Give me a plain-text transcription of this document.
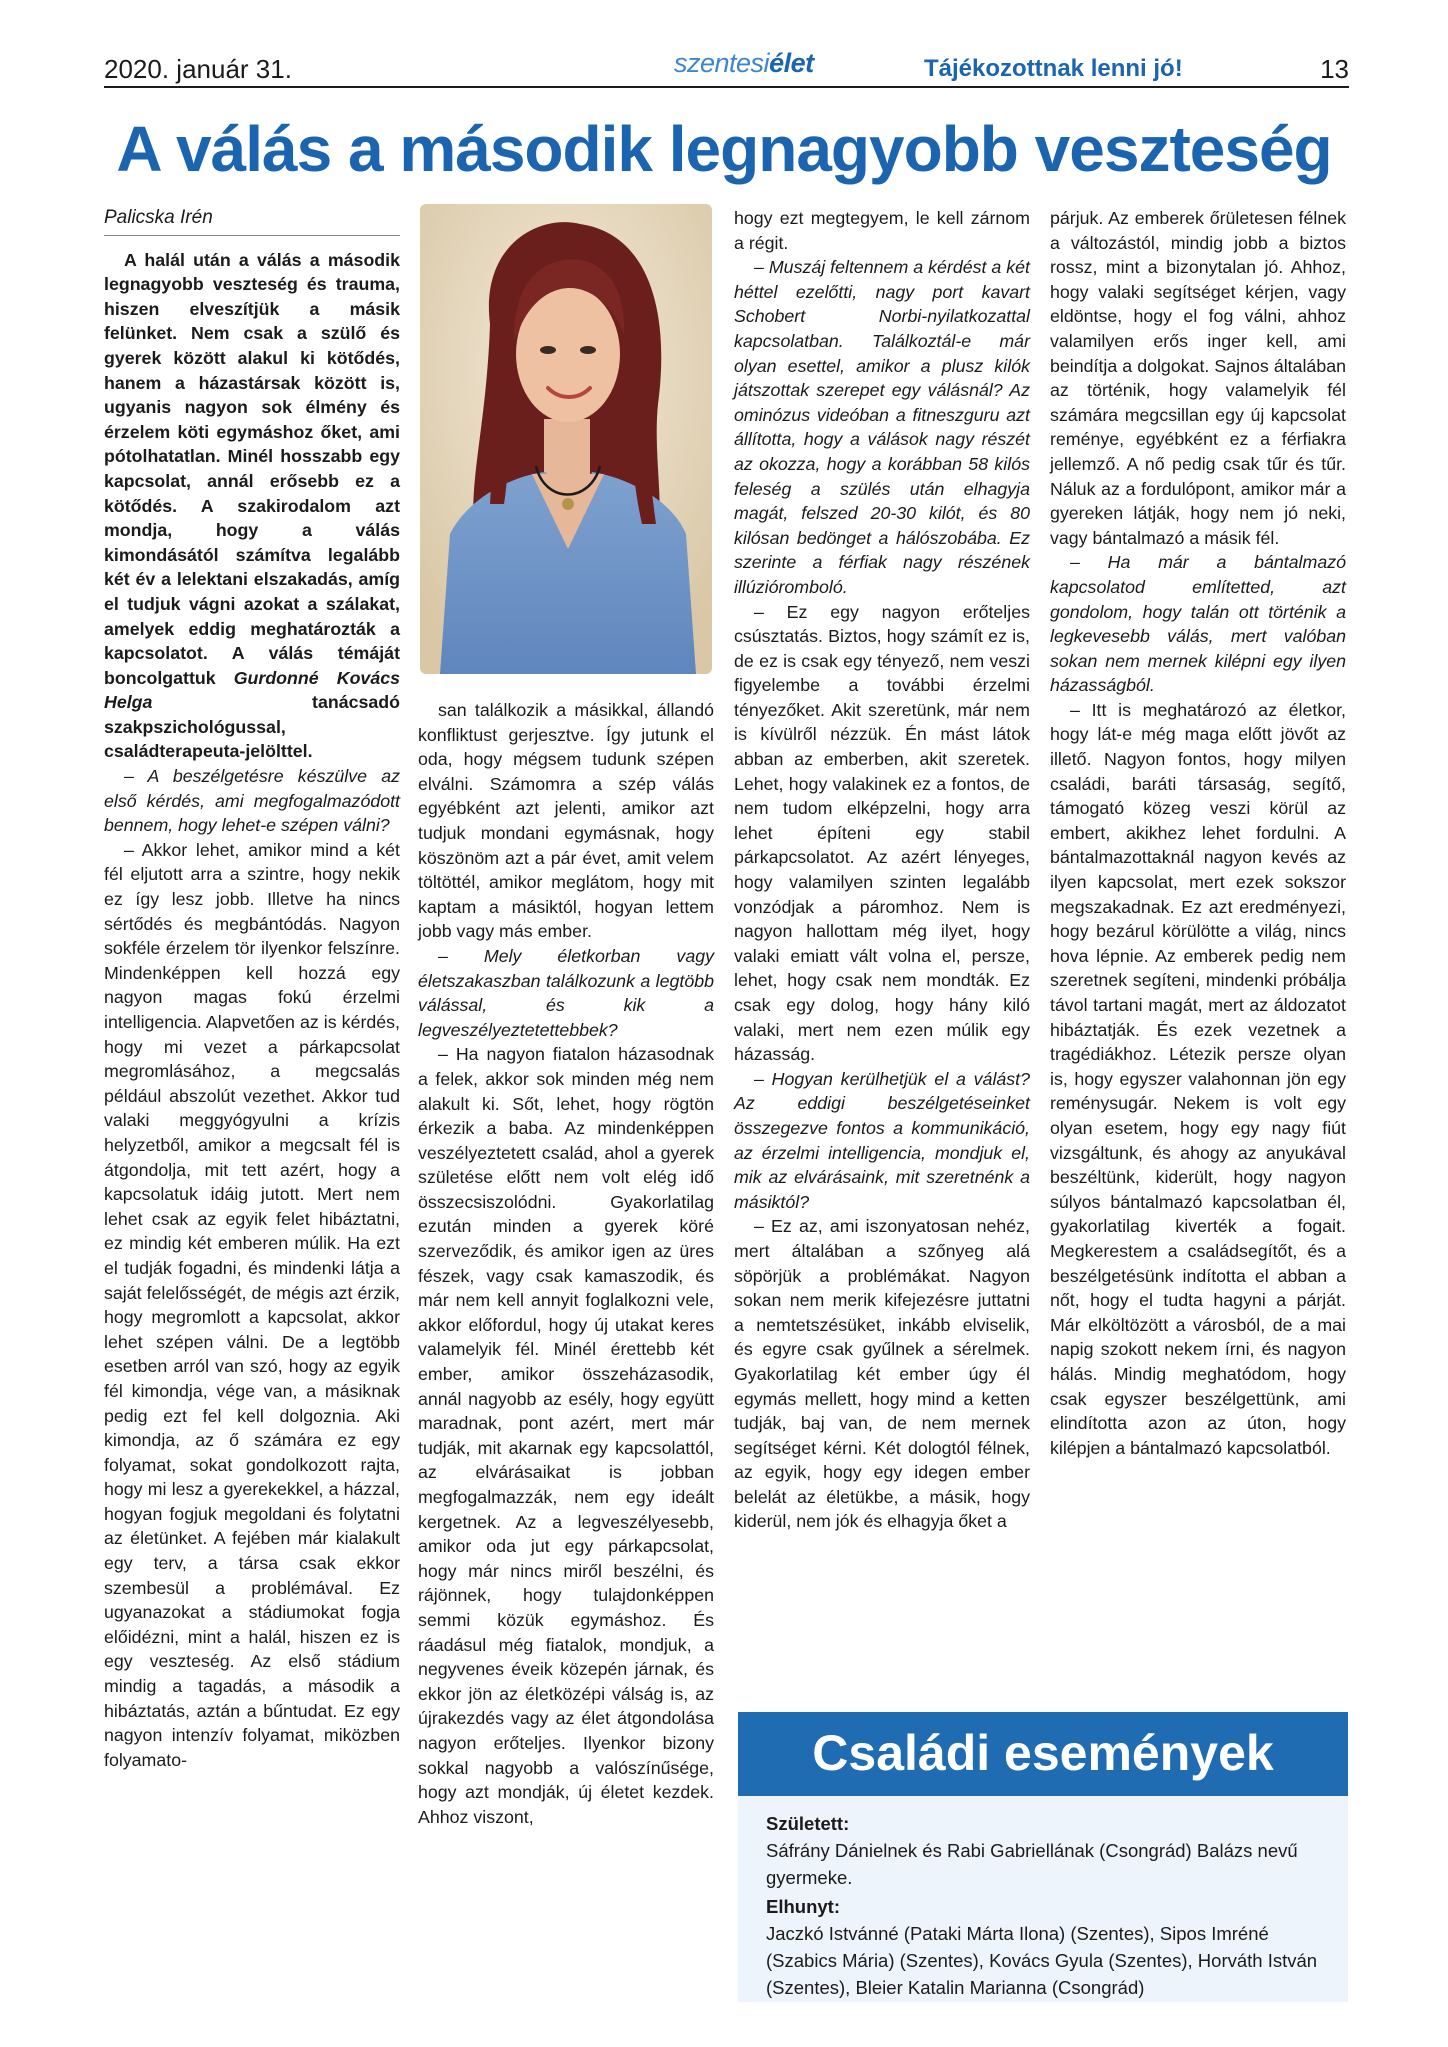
2020. január 31.	szentesiélet	Tájékozottnak lenni jó!	13
A válás a második legnagyobb veszteség
Palicska Irén

A halál után a válás a második legnagyobb veszteség és trauma, hiszen elveszítjük a másik felünket. Nem csak a szülő és gyerek között alakul ki kötődés, hanem a házastársak között is, ugyanis nagyon sok élmény és érzelem köti egymáshoz őket, ami pótolhatatlan. Minél hosszabb egy kapcsolat, annál erősebb ez a kötődés. A szakirodalom azt mondja, hogy a válás kimondásától számítva legalább két év a lelektani elszakadás, amíg el tudjuk vágni azokat a szálakat, amelyek eddig meghatározták a kapcsolatot. A válás témáját boncolgattuk Gurdonné Kovács Helga tanácsadó szakpszichológussal, családterapeuta-jelölttel.

– A beszélgetésre készülve az első kérdés, ami megfogalmazódott bennem, hogy lehet-e szépen válni?

– Akkor lehet, amikor mind a két fél eljutott arra a szintre, hogy nekik ez így lesz jobb. Illetve ha nincs sértődés és megbántódás. Nagyon sokféle érzelem tör ilyenkor felszínre. Mindenképpen kell hozzá egy nagyon magas fokú érzelmi intelligencia. Alapvetően az is kérdés, hogy mi vezet a párkapcsolat megromlásához, a megcsalás például abszolút vezethet. Akkor tud valaki meggyógyulni a krízis helyzetből, amikor a megcsalt fél is átgondolja, mit tett azért, hogy a kapcsolatuk idáig jutott. Mert nem lehet csak az egyik felet hibáztatni, ez mindig két emberen múlik. Ha ezt el tudják fogadni, és mindenki látja a saját felelősségét, de mégis azt érzik, hogy megromlott a kapcsolat, akkor lehet szépen válni. De a legtöbb esetben arról van szó, hogy az egyik fél kimondja, vége van, a másiknak pedig ezt fel kell dolgoznia. Aki kimondja, az ő számára ez egy folyamat, sokat gondolkozott rajta, hogy mi lesz a gyerekekkel, a házzal, hogyan fogjuk megoldani és folytatni az életünket. A fejében már kialakult egy terv, a társa csak ekkor szembesül a problémával. Ez ugyanazokat a stádiumokat fogja előidézni, mint a halál, hiszen ez is egy veszteség. Az első stádium mindig a tagadás, a második a hibáztatás, aztán a bűntudat. Ez egy nagyon intenzív folyamat, miközben folyamato-

san találkozik a másikkal, állandó konfliktust gerjesztve. Így jutunk el oda, hogy mégsem tudunk szépen elválni. Számomra a szép válás egyébként azt jelenti, amikor azt tudjuk mondani egymásnak, hogy köszönöm azt a pár évet, amit velem töltöttél, amikor meglátom, hogy mit kaptam a másiktól, hogyan lettem jobb vagy más ember.

– Mely életkorban vagy életszakaszban találkozunk a legtöbb válással, és kik a legveszélyeztetettebbek?

– Ha nagyon fiatalon házasodnak a felek, akkor sok minden még nem alakult ki. Sőt, lehet, hogy rögtön érkezik a baba. Az mindenképpen veszélyeztetett család, ahol a gyerek születése előtt nem volt elég idő összecsiszolódni. Gyakorlatilag ezután minden a gyerek köré szerveződik, és amikor igen az üres fészek, vagy csak kamaszodik, és már nem kell annyit foglalkozni vele, akkor előfordul, hogy új utakat keres valamelyik fél. Minél érettebb két ember, amikor összeházasodik, annál nagyobb az esély, hogy együtt maradnak, pont azért, mert már tudják, mit akarnak egy kapcsolattól, az elvárásaikat is jobban megfogalmazzák, nem egy ideált kergetnek. Az a legveszélyesebb, amikor oda jut egy párkapcsolat, hogy már nincs miről beszélni, és rájönnek, hogy tulajdonképpen semmi közük egymáshoz. És ráadásul még fiatalok, mondjuk, a negyvenes éveik közepén járnak, és ekkor jön az életközépi válság is, az újrakezdés vagy az élet átgondolása nagyon erőteljes. Ilyenkor bizony sokkal nagyobb a valószínűsége, hogy azt mondják, új életet kezdek. Ahhoz viszont,

hogy ezt megtegyem, le kell zárnom a régit.

– Muszáj feltennem a kérdést a két héttel ezelőtti, nagy port kavart Schobert Norbi-nyilatkozattal kapcsolatban. Találkoztál-e már olyan esettel, amikor a plusz kilók játszottak szerepet egy válásnál? Az ominózus videóban a fitneszguru azt állította, hogy a válások nagy részét az okozza, hogy a korábban 58 kilós feleség a szülés után elhagyja magát, felszed 20-30 kilót, és 80 kilósan bedönget a hálószobába. Ez szerinte a férfiak nagy részének illúzióromboló.

– Ez egy nagyon erőteljes csúsztatás. Biztos, hogy számít ez is, de ez is csak egy tényező, nem veszi figyelembe a további érzelmi tényezőket. Akit szeretünk, már nem is kívülről nézzük. Én mást látok abban az emberben, akit szeretek. Lehet, hogy valakinek ez a fontos, de nem tudom elképzelni, hogy arra lehet építeni egy stabil párkapcsolatot. Az azért lényeges, hogy valamilyen szinten legalább vonzódjak a páromhoz. Nem is nagyon hallottam még ilyet, hogy valaki emiatt vált volna el, persze, lehet, hogy csak nem mondták. Ez csak egy dolog, hogy hány kiló valaki, mert nem ezen múlik egy házasság.

– Hogyan kerülhetjük el a válást? Az eddigi beszélgetéseinket összegezve fontos a kommunikáció, az érzelmi intelligencia, mondjuk el, mik az elvárásaink, mit szeretnénk a másiktól?

– Ez az, ami iszonyatosan nehéz, mert általában a szőnyeg alá söpörjük a problémákat. Nagyon sokan nem merik kifejezésre juttatni a nemtetszésüket, inkább elviselik, és egyre csak gyűlnek a sérelmek. Gyakorlatilag két ember úgy él egymás mellett, hogy mind a ketten tudják, baj van, de nem mernek segítséget kérni. Két dologtól félnek, az egyik, hogy egy idegen ember belelát az életükbe, a másik, hogy kiderül, nem jók és elhagyja őket a

párjuk. Az emberek őrületesen félnek a változástól, mindig jobb a biztos rossz, mint a bizonytalan jó. Ahhoz, hogy valaki segítséget kérjen, vagy eldöntse, hogy el fog válni, ahhoz valamilyen erős inger kell, ami beindítja a dolgokat. Sajnos általában az történik, hogy valamelyik fél számára megcsillan egy új kapcsolat reménye, egyébként ez a férfiakra jellemző. A nő pedig csak tűr és tűr. Náluk az a fordulópont, amikor már a gyereken látják, hogy nem jó neki, vagy bántalmazó a másik fél.

– Ha már a bántalmazó kapcsolatod említetted, azt gondolom, hogy talán ott történik a legkevesebb válás, mert valóban sokan nem mernek kilépni egy ilyen házasságból.

– Itt is meghatározó az életkor, hogy lát-e még maga előtt jövőt az illető. Nagyon fontos, hogy milyen családi, baráti társaság, segítő, támogató közeg veszi körül az embert, akikhez lehet fordulni. A bántalmazottaknál nagyon kevés az ilyen kapcsolat, mert ezek sokszor megszakadnak. Ez azt eredményezi, hogy bezárul körülötte a világ, nincs hova lépnie. Az emberek pedig nem szeretnek segíteni, mindenki próbálja távol tartani magát, mert az áldozatot hibáztatják. És ezek vezetnek a tragédiákhoz. Létezik persze olyan is, hogy egyszer valahonnan jön egy reménysugár. Nekem is volt egy olyan esetem, hogy egy nagy fiút vizsgáltunk, és ahogy az anyukával beszéltünk, kiderült, hogy nagyon súlyos bántalmazó kapcsolatban él, gyakorlatilag kiverték a fogait. Megkerestem a családsegítőt, és a beszélgetésünk indította el abban a nőt, hogy el tudta hagyni a párját. Már elköltözött a városból, de a mai napig szokott nekem írni, és nagyon hálás. Mindig meghatódom, hogy csak egyszer beszélgettünk, ami elindította azon az úton, hogy kilépjen a bántalmazó kapcsolatból.

Családi események
Született:

Sáfrány Dánielnek és Rabi Gabriellának (Csongrád) Balázs nevű gyermeke.

Elhunyt:

Jaczkó Istvánné (Pataki Márta Ilona) (Szentes), Sipos Imréné (Szabics Mária) (Szentes), Kovács Gyula (Szentes), Horváth István (Szentes), Bleier Katalin Marianna (Csongrád)
